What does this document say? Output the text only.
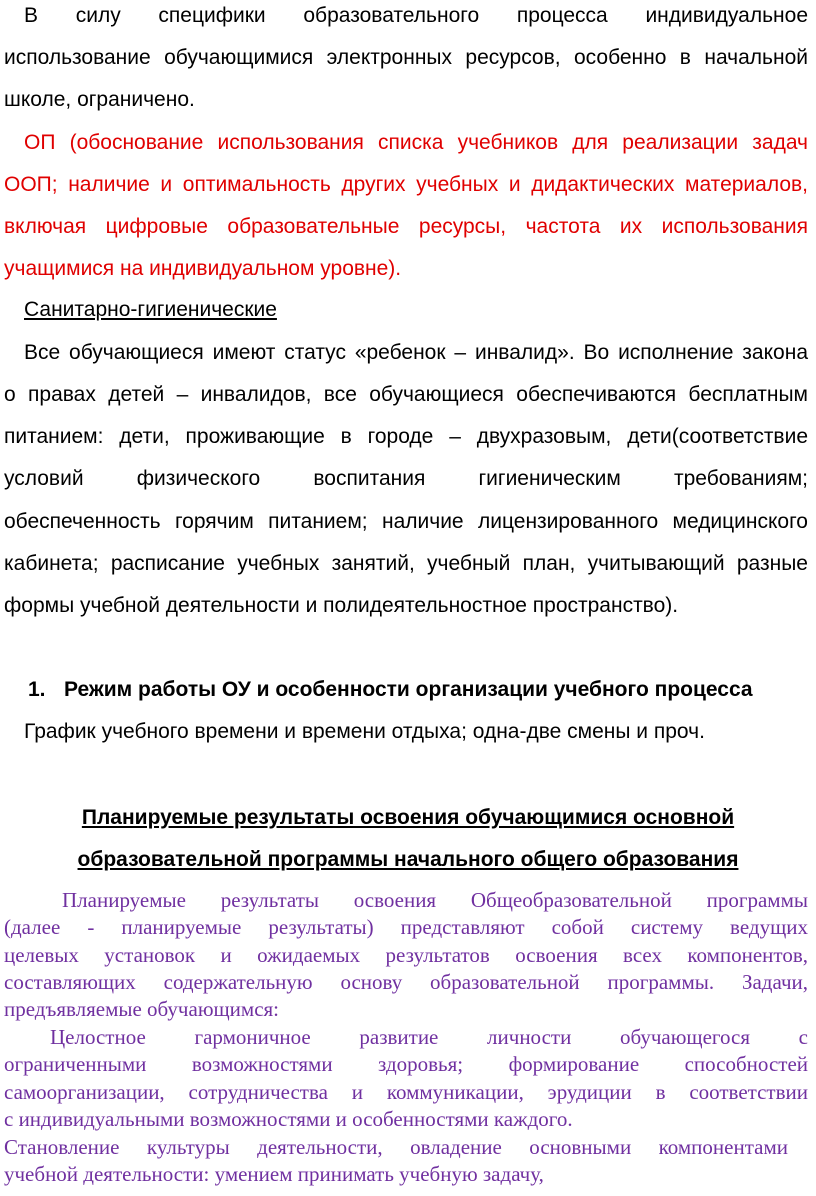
В силу специфики образовательного процесса индивидуальное
использование обучающимися электронных ресурсов, особенно в начальной
школе, ограничено.
ОП (обоснование использования списка учебников для реализации задач
ООП; наличие и оптимальность других учебных и дидактических материалов,
включая цифровые образовательные ресурсы, частота их использования
учащимися на индивидуальном уровне).
Санитарно-гигиенические
Все обучающиеся имеют статус «ребенок – инвалид». Во исполнение закона
о правах детей – инвалидов, все обучающиеся обеспечиваются бесплатным
питанием: дети, проживающие в городе – двухразовым, дети(соответствие
условий физического воспитания гигиеническим требованиям;
обеспеченность горячим питанием; наличие лицензированного медицинского
кабинета; расписание учебных занятий, учебный план, учитывающий разные
формы учебной деятельности и полидеятельностное пространство).
1. Режим работы ОУ и особенности организации учебного процесса
График учебного времени и времени отдыха; одна-две смены и проч.
Планируемые результаты освоения обучающимися основной
образовательной программы начального общего образования
Планируемые результаты освоения Общеобразовательной программы
(далее - планируемые результаты) представляют собой систему ведущих
целевых установок и ожидаемых результатов освоения всех компонентов,
составляющих содержательную основу образовательной программы. Задачи,
предъявляемые обучающимся:
Целостное гармоничное развитие личности обучающегося с
ограниченными возможностями здоровья; формирование способностей
самоорганизации, сотрудничества и коммуникации, эрудиции в соответствии
с индивидуальными возможностями и особенностями каждого.
Становление культуры деятельности, овладение основными компонентами
учебной деятельности: умением принимать учебную задачу,
